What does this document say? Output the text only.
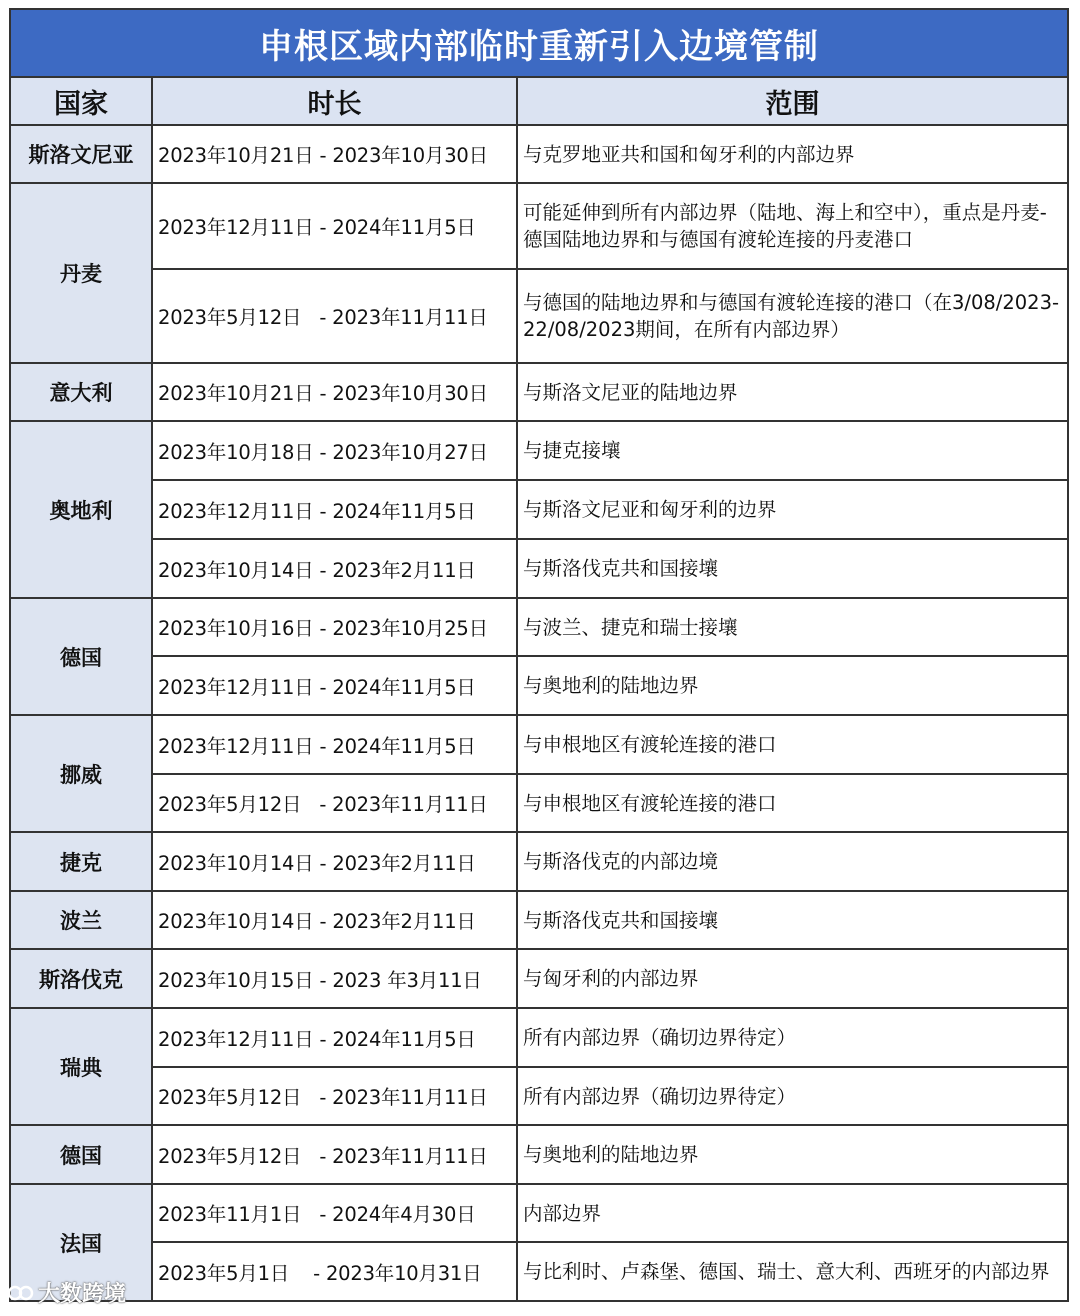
申根区域内部临时重新引入边境管制		
国家	时长	范围
斯洛文尼亚	2023年10月21日 - 2023年10月30日	与克罗地亚共和国和匈牙利的内部边界
丹麦	2023年12月11日 - 2024年11月5日	可能延伸到所有内部边界（陆地、海上和空中），重点是丹麦-德国陆地边界和与德国有渡轮连接的丹麦港口
	2023年5月12日   - 2023年11月11日	与德国的陆地边界和与德国有渡轮连接的港口（在3/08/2023-22/08/2023期间，在所有内部边界）
意大利	2023年10月21日 - 2023年10月30日	与斯洛文尼亚的陆地边界
奥地利	2023年10月18日 - 2023年10月27日	与捷克接壤
	2023年12月11日 - 2024年11月5日	与斯洛文尼亚和匈牙利的边界
	2023年10月14日 - 2023年2月11日	与斯洛伐克共和国接壤
德国	2023年10月16日 - 2023年10月25日	与波兰、捷克和瑞士接壤
	2023年12月11日 - 2024年11月5日	与奥地利的陆地边界
挪威	2023年12月11日 - 2024年11月5日	与申根地区有渡轮连接的港口
	2023年5月12日   - 2023年11月11日	与申根地区有渡轮连接的港口
捷克	2023年10月14日 - 2023年2月11日	与斯洛伐克的内部边境
波兰	2023年10月14日 - 2023年2月11日	与斯洛伐克共和国接壤
斯洛伐克	2023年10月15日 - 2023 年3月11日	与匈牙利的内部边界
瑞典	2023年12月11日 - 2024年11月5日	所有内部边界（确切边界待定）
	2023年5月12日   - 2023年11月11日	所有内部边界（确切边界待定）
德国	2023年5月12日   - 2023年11月11日	与奥地利的陆地边界
法国	2023年11月1日   - 2024年4月30日	内部边界
	2023年5月1日    - 2023年10月31日	与比利时、卢森堡、德国、瑞士、意大利、西班牙的内部边界
大数跨境
